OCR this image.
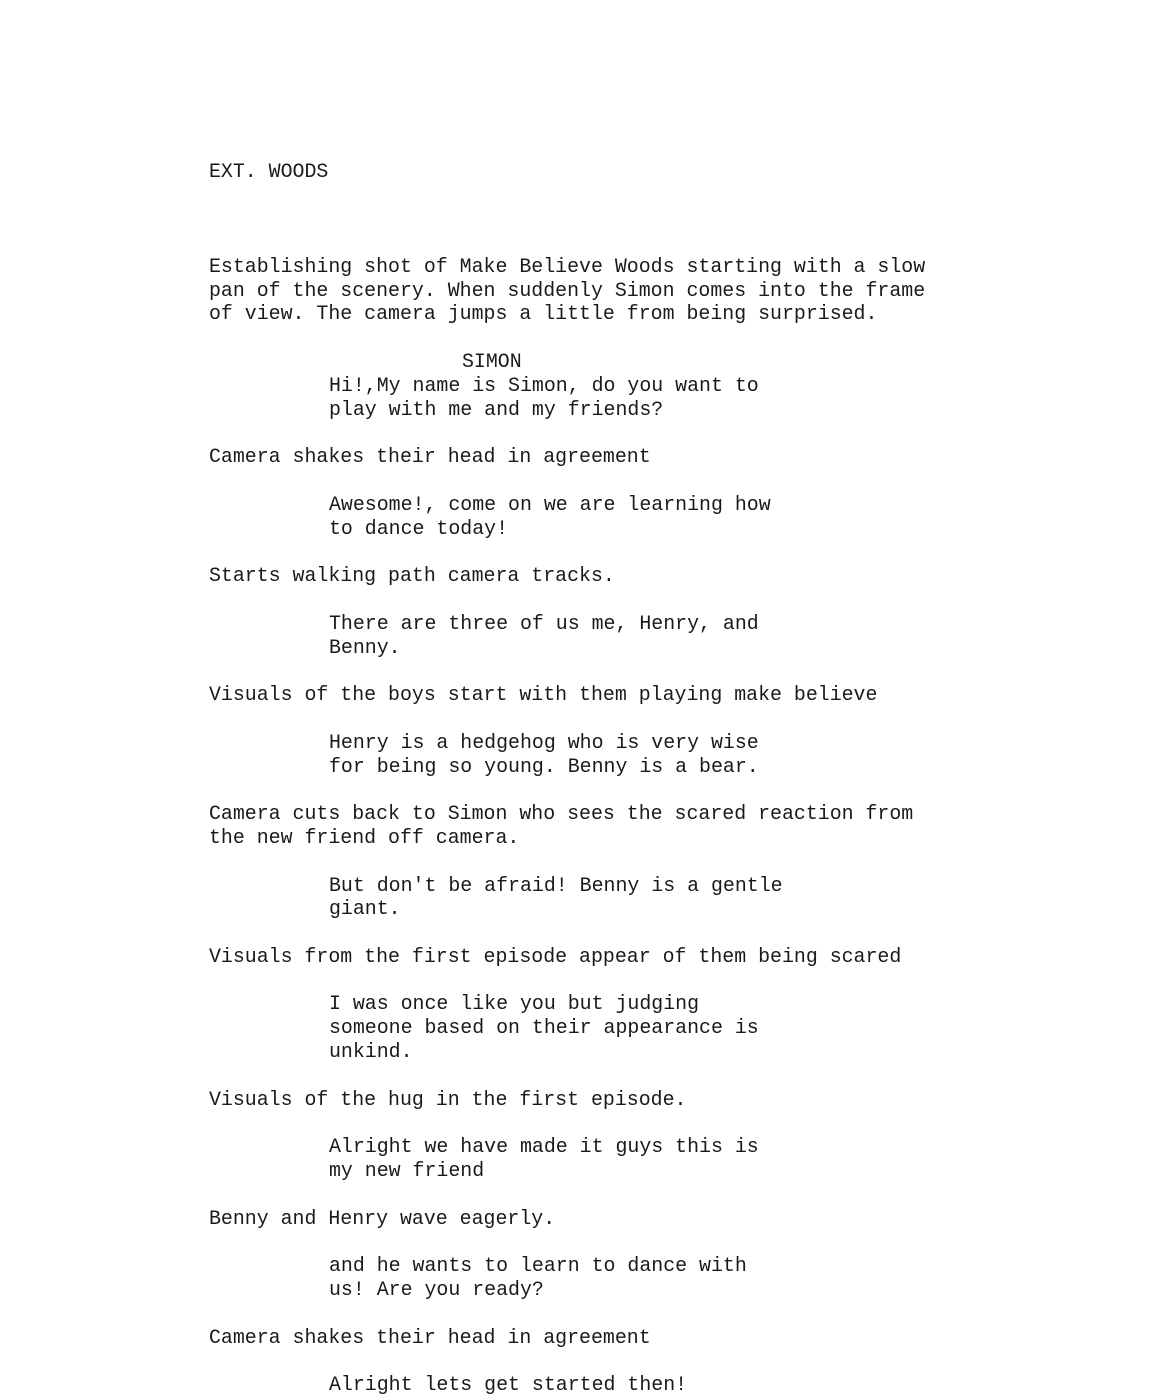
EXT. WOODS

Establishing shot of Make Believe Woods starting with a slow
pan of the scenery. When suddenly Simon comes into the frame
of view. The camera jumps a little from being surprised.
SIMON
Hi!,My name is Simon, do you want to
play with me and my friends?
Camera shakes their head in agreement
Awesome!, come on we are learning how
to dance today!
Starts walking path camera tracks.
There are three of us me, Henry, and
Benny.
Visuals of the boys start with them playing make believe
Henry is a hedgehog who is very wise
for being so young. Benny is a bear.
Camera cuts back to Simon who sees the scared reaction from
the new friend off camera.
But don't be afraid! Benny is a gentle
giant.
Visuals from the first episode appear of them being scared
I was once like you but judging
someone based on their appearance is
unkind.
Visuals of the hug in the first episode.
Alright we have made it guys this is
my new friend
Benny and Henry wave eagerly.
and he wants to learn to dance with
us! Are you ready?
Camera shakes their head in agreement
Alright lets get started then!
